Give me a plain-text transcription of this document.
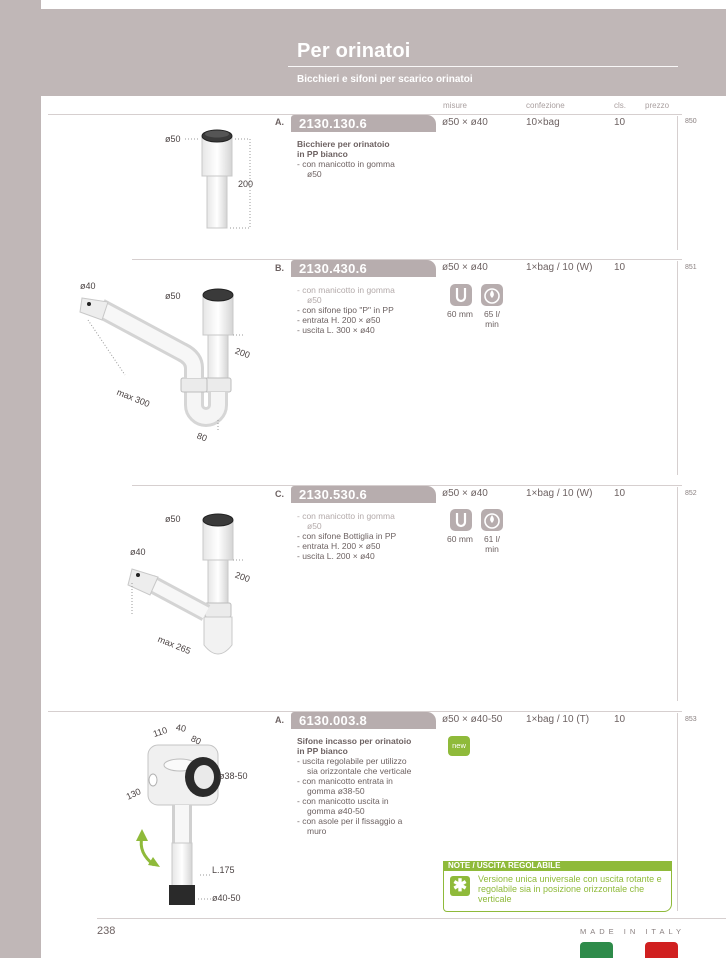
Per orinatoi
Bicchieri e sifoni per scarico orinatoi
misure	confezione	cls. prezzo
A.	2130.130.6	ø50 × ø40	10×bag	10	850
B.	2130.430.6	ø50 × ø40	1×bag / 10 (W) 10	851
C.	2130.530.6	ø50 × ø40	1×bag / 10 (W) 10	852
A.	6130.003.8	ø50 × ø40-50 1×bag / 10 (T) 10	853
Bicchiere per orinatoio
in PP bianco
- con manicotto in gomma
ø50
- con manicotto in gomma
ø50
- con sifone tipo "P" in PP
- entrata H. 200 × ø50
- uscita L. 300 × ø40
- con manicotto in gomma
ø50
- con sifone Bottiglia in PP
- entrata H. 200 × ø50
- uscita L. 200 × ø40
Sifone incasso per orinatoio
in PP bianco
- uscita regolabile per utilizzo
sia orizzontale che verticale
- con manicotto entrata in
gomma ø38-50
- con manicotto uscita in
gomma ø40-50
- con asole per il fissaggio a
muro
60 mm	65 l/
min
60 mm	61 l/
min
new
NOTE / USCITA REGOLABILE
✱	Versione unica universale con uscita rotante e regolabile sia in posizione orizzontale che verticale
ø50
200
ø40
ø50
200
max 300
80
ø50
ø40
200
max 265
110 40
80
130
ø38-50
L.175
ø40-50
238	MADE IN ITALY
